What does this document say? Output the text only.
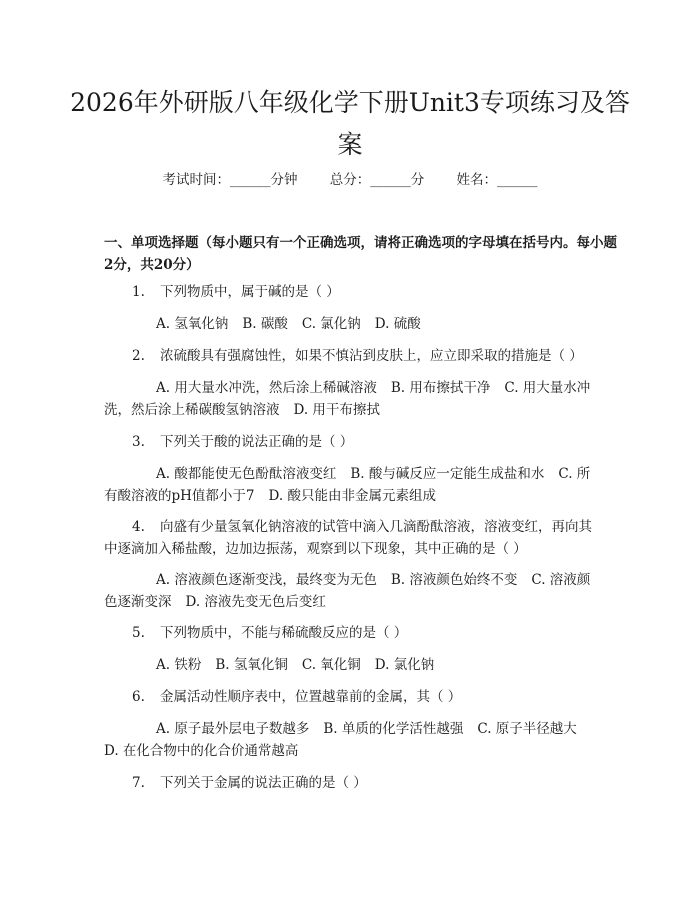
2026年外研版八年级化学下册Unit3专项练习及答案
考试时间：______分钟 总分：______分 姓名：______
一、单项选择题（每小题只有一个正确选项，请将正确选项的字母填在括号内。每小题2分，共20分）
1. 下列物质中，属于碱的是（ ）
A. 氢氧化钠 B. 碳酸 C. 氯化钠 D. 硫酸
2. 浓硫酸具有强腐蚀性，如果不慎沾到皮肤上，应立即采取的措施是（ ）
A. 用大量水冲洗，然后涂上稀碱溶液 B. 用布擦拭干净 C. 用大量水冲洗，然后涂上稀碳酸氢钠溶液 D. 用干布擦拭
3. 下列关于酸的说法正确的是（ ）
A. 酸都能使无色酚酞溶液变红 B. 酸与碱反应一定能生成盐和水 C. 所有酸溶液的pH值都小于7 D. 酸只能由非金属元素组成
4. 向盛有少量氢氧化钠溶液的试管中滴入几滴酚酞溶液，溶液变红，再向其中逐滴加入稀盐酸，边加边振荡，观察到以下现象，其中正确的是（ ）
A. 溶液颜色逐渐变浅，最终变为无色 B. 溶液颜色始终不变 C. 溶液颜色逐渐变深 D. 溶液先变无色后变红
5. 下列物质中，不能与稀硫酸反应的是（ ）
A. 铁粉 B. 氢氧化铜 C. 氧化铜 D. 氯化钠
6. 金属活动性顺序表中，位置越靠前的金属，其（ ）
A. 原子最外层电子数越多 B. 单质的化学活性越强 C. 原子半径越大D. 在化合物中的化合价通常越高
7. 下列关于金属的说法正确的是（ ）
